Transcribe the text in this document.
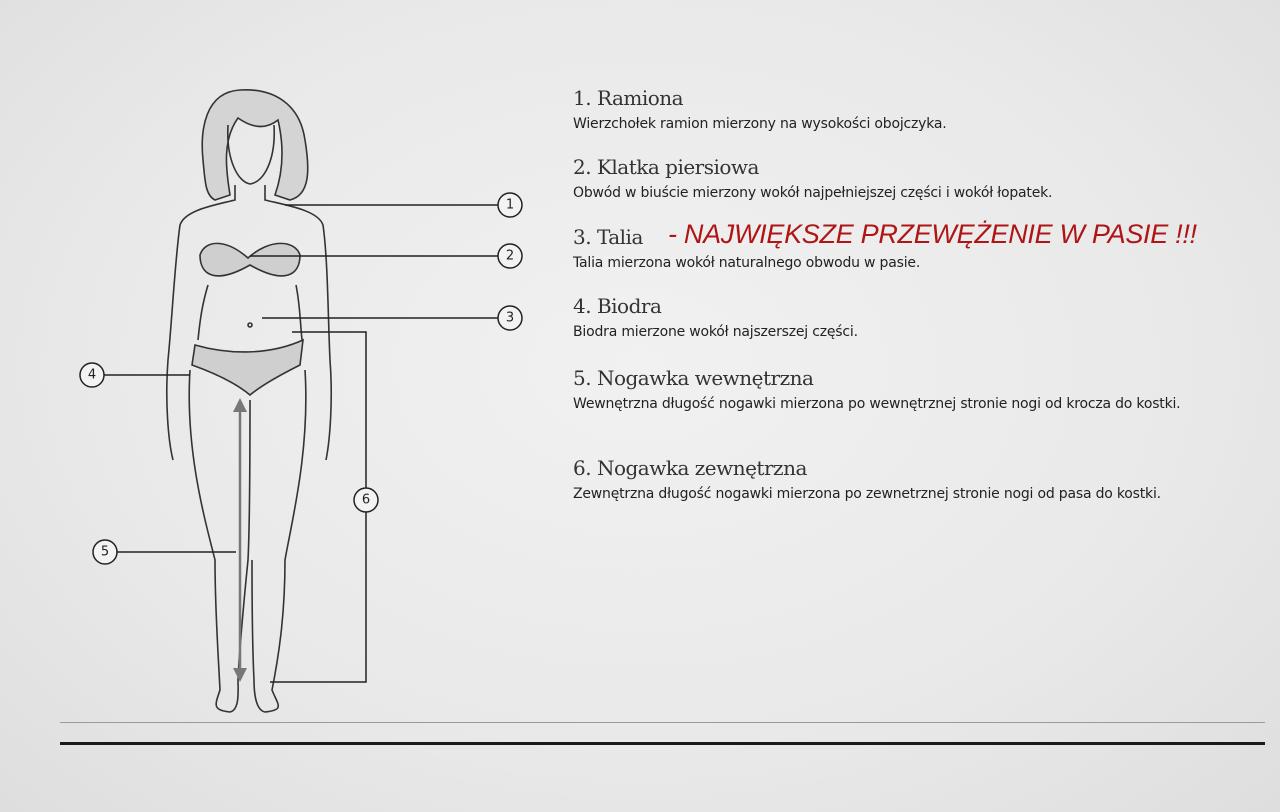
1
2
3
4
5
6
1. Ramiona
Wierzchołek ramion mierzony na wysokości obojczyka.
2. Klatka piersiowa
Obwód w biuście mierzony wokół najpełniejszej części i wokół łopatek.
3. Talia
Talia mierzona wokół naturalnego obwodu w pasie.
4. Biodra
Biodra mierzone wokół najszerszej części.
5. Nogawka wewnętrzna
Wewnętrzna długość nogawki mierzona po wewnętrznej stronie nogi od krocza do kostki.
6. Nogawka zewnętrzna
Zewnętrzna długość nogawki mierzona po zewnetrznej stronie nogi od pasa do kostki.
- NAJWIĘKSZE PRZEWĘŻENIE W PASIE !!!
